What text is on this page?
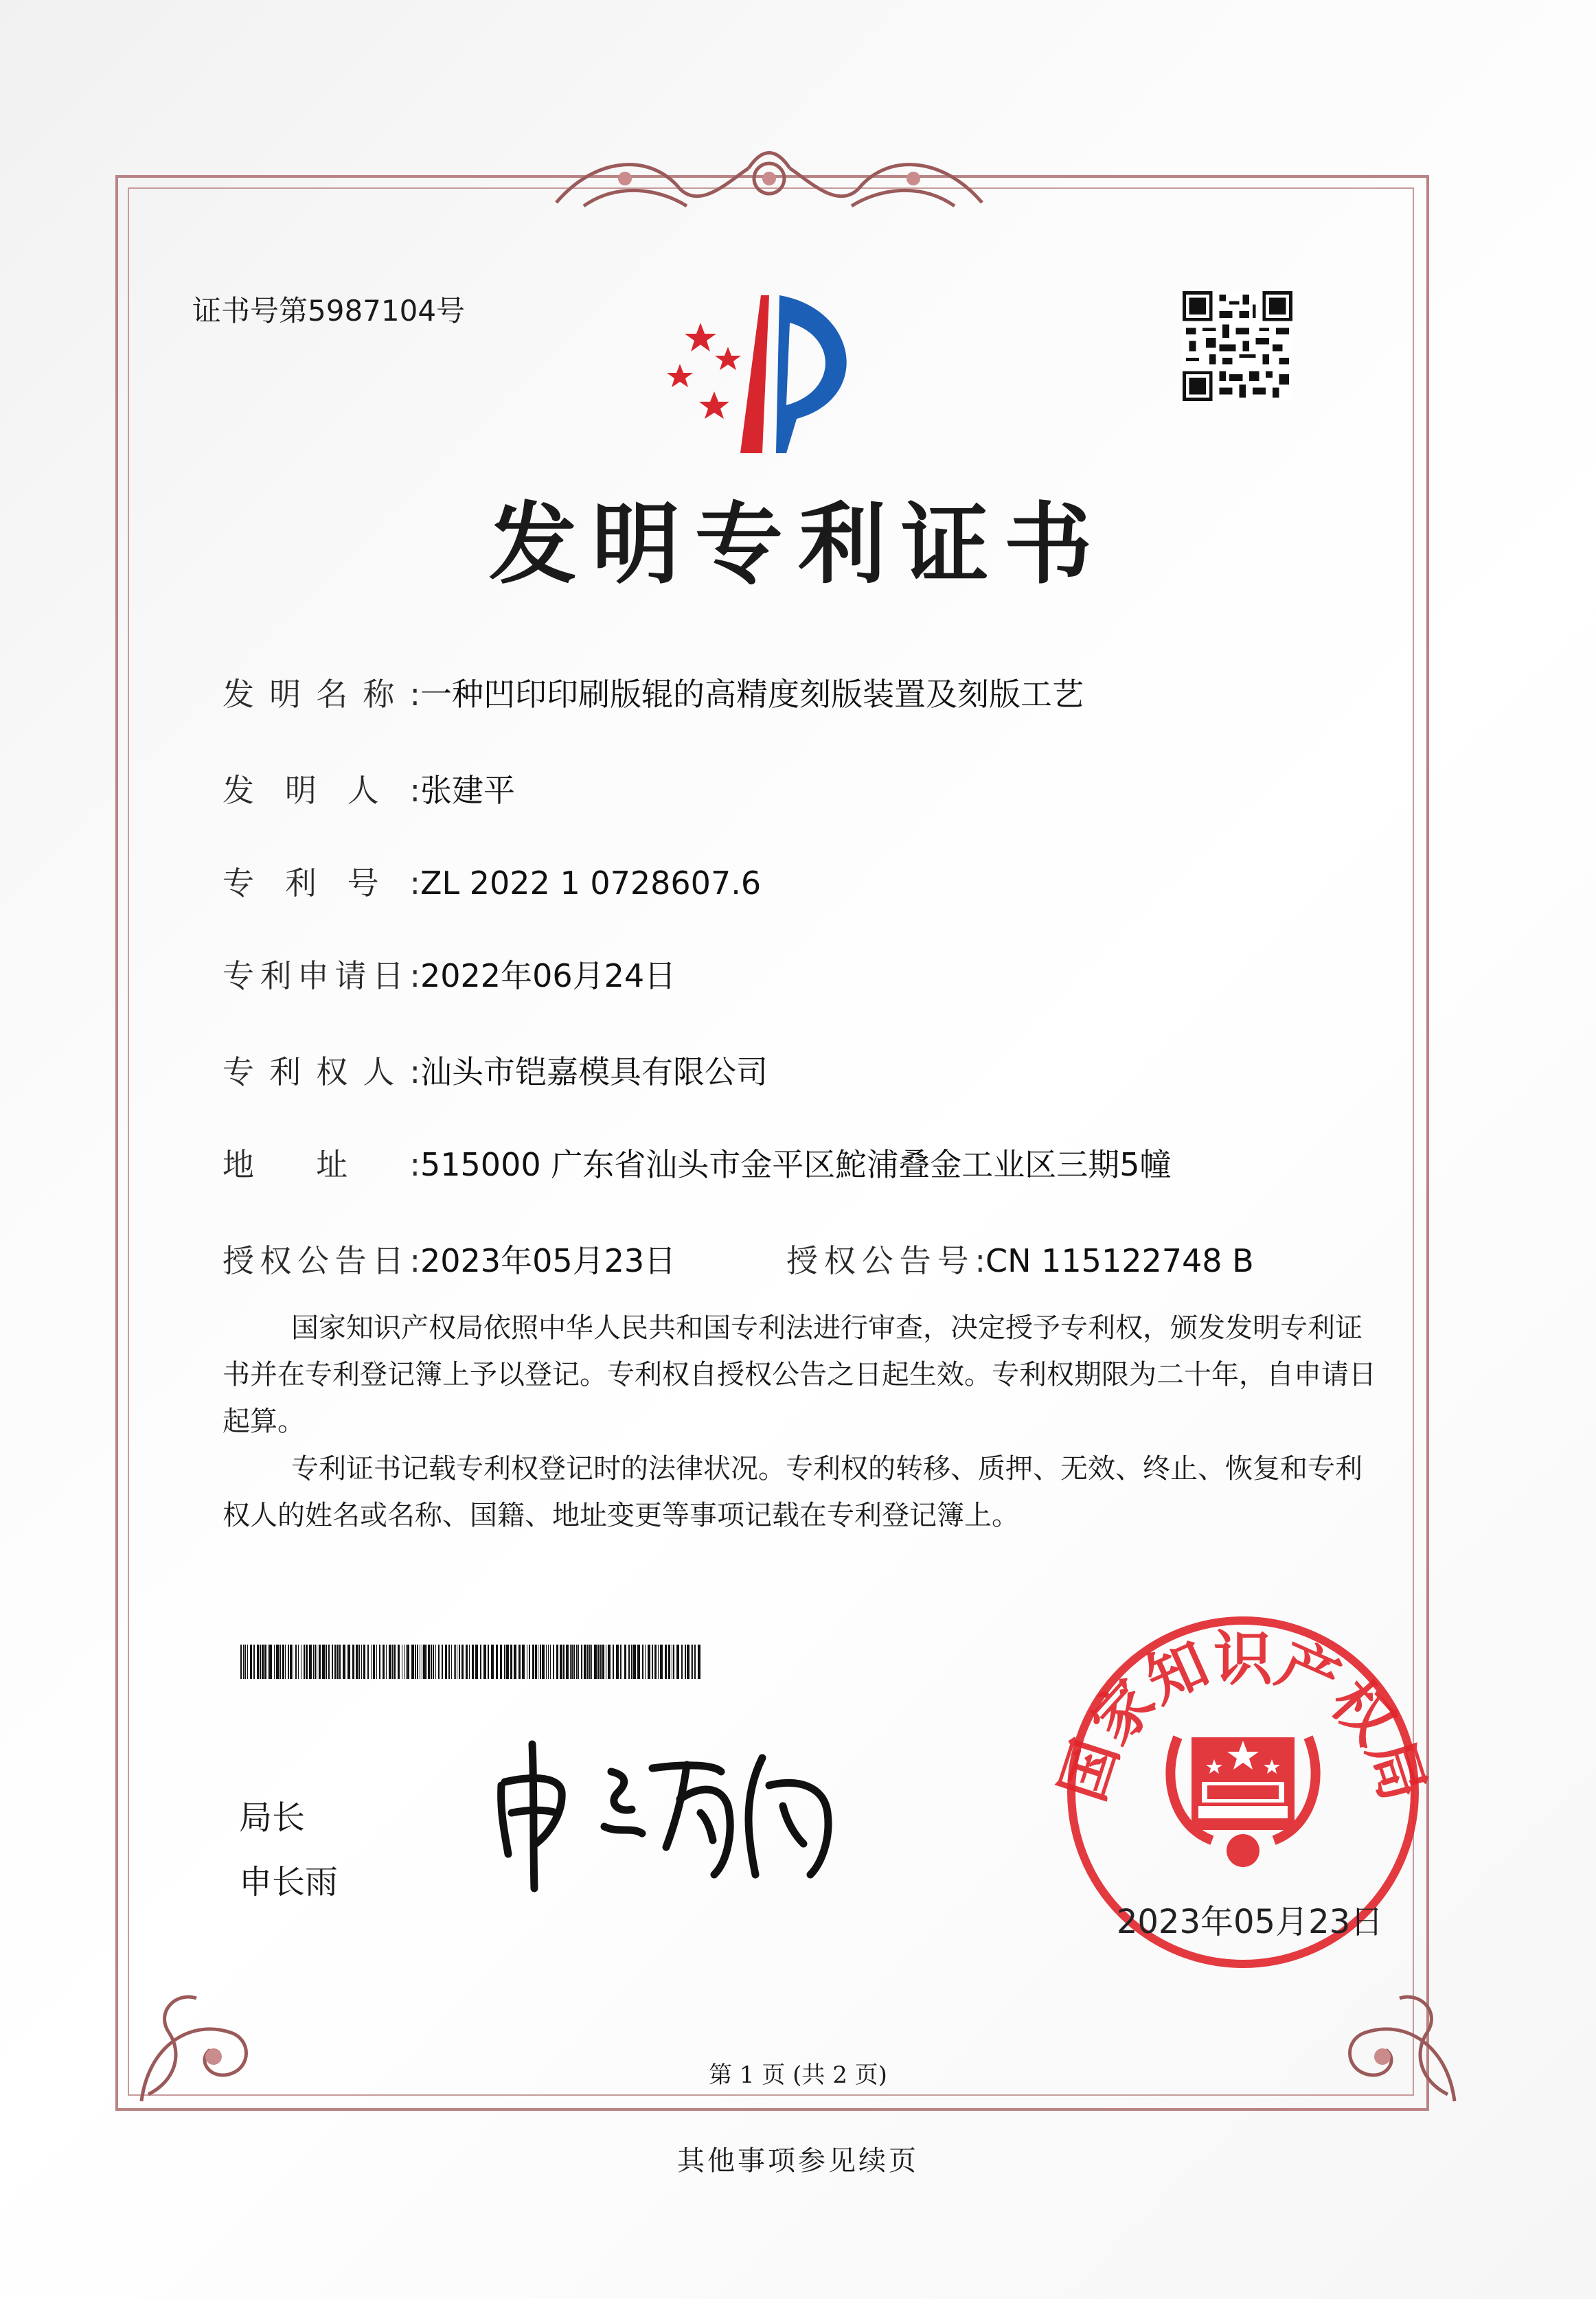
证书号第5987104号
发明专利证书
发明名称:一种凹印印刷版辊的高精度刻版装置及刻版工艺
发明人:张建平
专利号:ZL 2022 1 0728607.6
专利申请日:2022年06月24日
专利权人:汕头市铠嘉模具有限公司
地址:515000 广东省汕头市金平区鮀浦叠金工业区三期5幢
授权公告日:2023年05月23日	授权公告号:CN 115122748 B
国家知识产权局依照中华人民共和国专利法进行审查，决定授予专利权，颁发发明专利证书并在专利登记簿上予以登记。专利权自授权公告之日起生效。专利权期限为二十年，自申请日起算。
专利证书记载专利权登记时的法律状况。专利权的转移、质押、无效、终止、恢复和专利权人的姓名或名称、国籍、地址变更等事项记载在专利登记簿上。
局长
申长雨
国家知识产权局
2023年05月23日
第 1 页 (共 2 页)
其他事项参见续页
